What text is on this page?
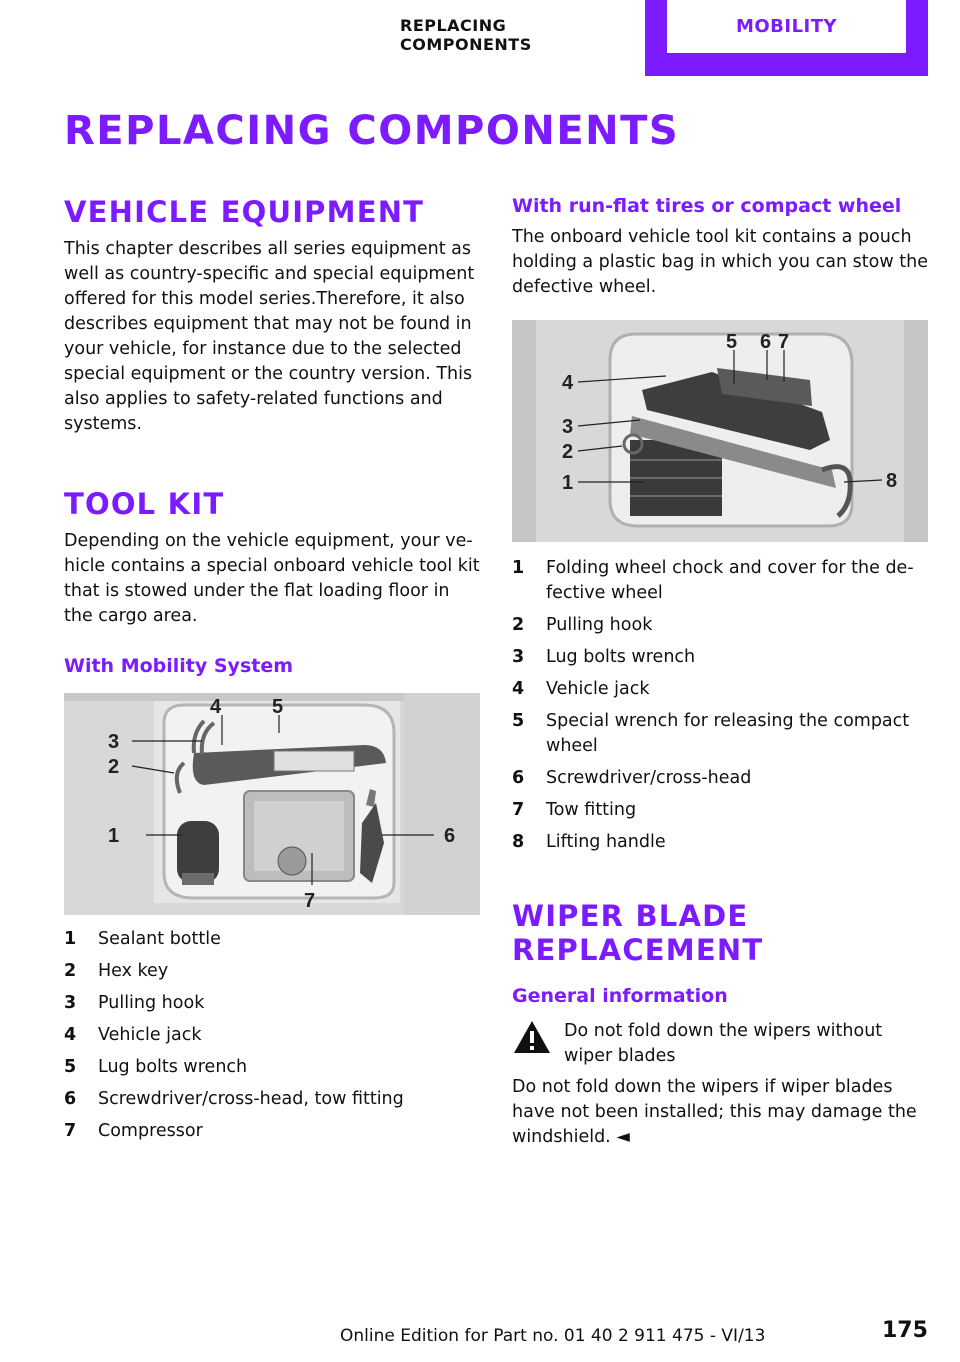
REPLACING COMPONENTS
MOBILITY
REPLACING COMPONENTS
VEHICLE EQUIPMENT

This chapter describes all series equipment as well as country-specific and special equipment offered for this model series.Therefore, it also describes equipment that may not be found in your vehicle, for instance due to the selected special equipment or the country version. This also applies to safety-related functions and systems.

TOOL KIT

Depending on the vehicle equipment, your vehicle contains a special onboard vehicle tool kit that is stowed under the flat loading floor in the cargo area.

With Mobility System
1
2
3
4	5
6
7
1	Sealant bottle
2	Hex key
3	Pulling hook
4	Vehicle jack
5	Lug bolts wrench
6	Screwdriver/cross-head, tow fitting
7	Compressor
With run-flat tires or compact wheel

The onboard vehicle tool kit contains a pouch holding a plastic bag in which you can stow the defective wheel.

1
2
3
4
5 6 7
8
1	Folding wheel chock and cover for the defective wheel
2	Pulling hook
3	Lug bolts wrench
4	Vehicle jack
5	Special wrench for releasing the compact wheel
6	Screwdriver/cross-head
7	Tow fitting
8	Lifting handle
WIPER BLADE REPLACEMENT
General information

Do not fold down the wipers without wiper blades

Do not fold down the wipers if wiper blades have not been installed; this may damage the windshield. ◄

Online Edition for Part no. 01 40 2 911 475 - VI/13	175
